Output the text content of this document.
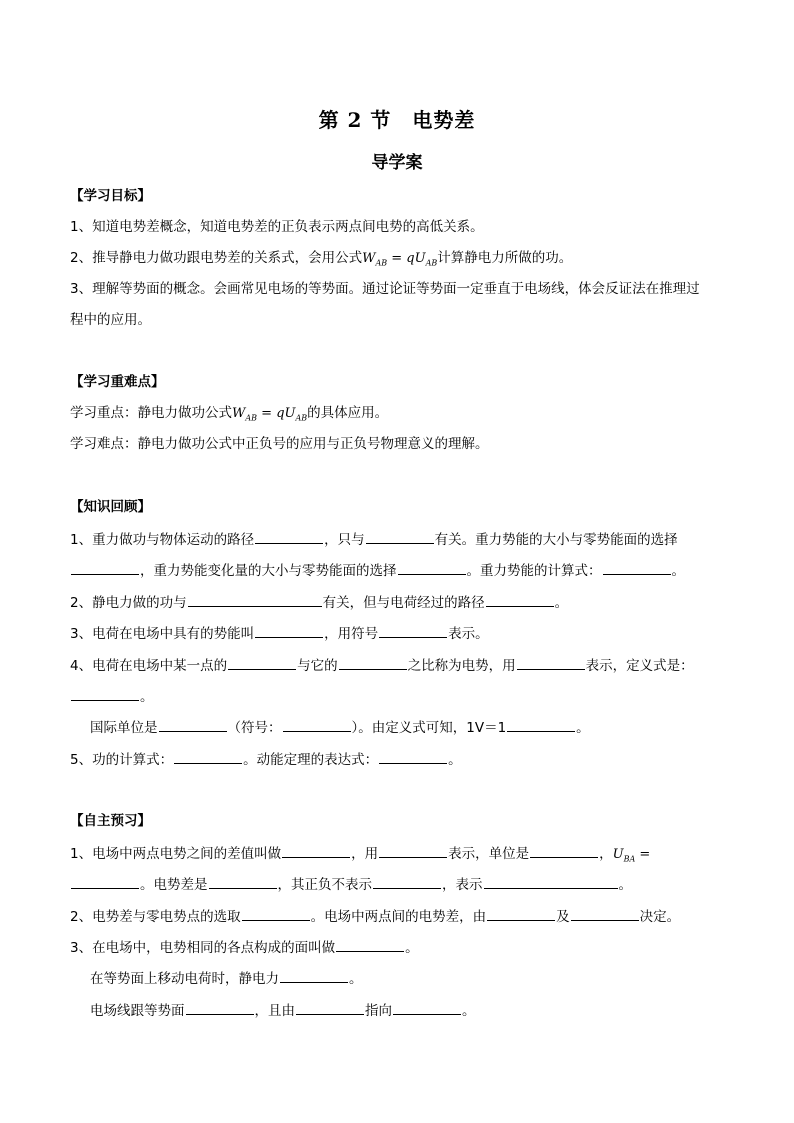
第 2 节　电势差
导学案
【学习目标】
1、知道电势差概念，知道电势差的正负表示两点间电势的高低关系。
2、推导静电力做功跟电势差的关系式，会用公式$W_{AB} = qU_{AB}$计算静电力所做的功。
3、理解等势面的概念。会画常见电场的等势面。通过论证等势面一定垂直于电场线，体会反证法在推理过
程中的应用。
【学习重难点】
学习重点：静电力做功公式$W_{AB} = qU_{AB}$的具体应用。
学习难点：静电力做功公式中正负号的应用与正负号物理意义的理解。
【知识回顾】
1、重力做功与物体运动的路径	，只与	有关。重力势能的大小与零势能面的选择
，重力势能变化量的大小与零势能面的选择	。重力势能的计算式：	。
2、静电力做的功与	有关，但与电荷经过的路径	。
3、电荷在电场中具有的势能叫	，用符号	表示。
4、电荷在电场中某一点的	与它的	之比称为电势，用	表示，定义式是：
。
国际单位是	（符号：	）。由定义式可知，1V＝1	。
5、功的计算式：	。动能定理的表达式：	。
【自主预习】
1、电场中两点电势之间的差值叫做	，用	表示，单位是	，$U_{BA}$ =
。电势差是	，其正负不表示	，表示	。
2、电势差与零电势点的选取	。电场中两点间的电势差，由	及	决定。
3、在电场中，电势相同的各点构成的面叫做	。
在等势面上移动电荷时，静电力	。
电场线跟等势面	，且由	指向	。
